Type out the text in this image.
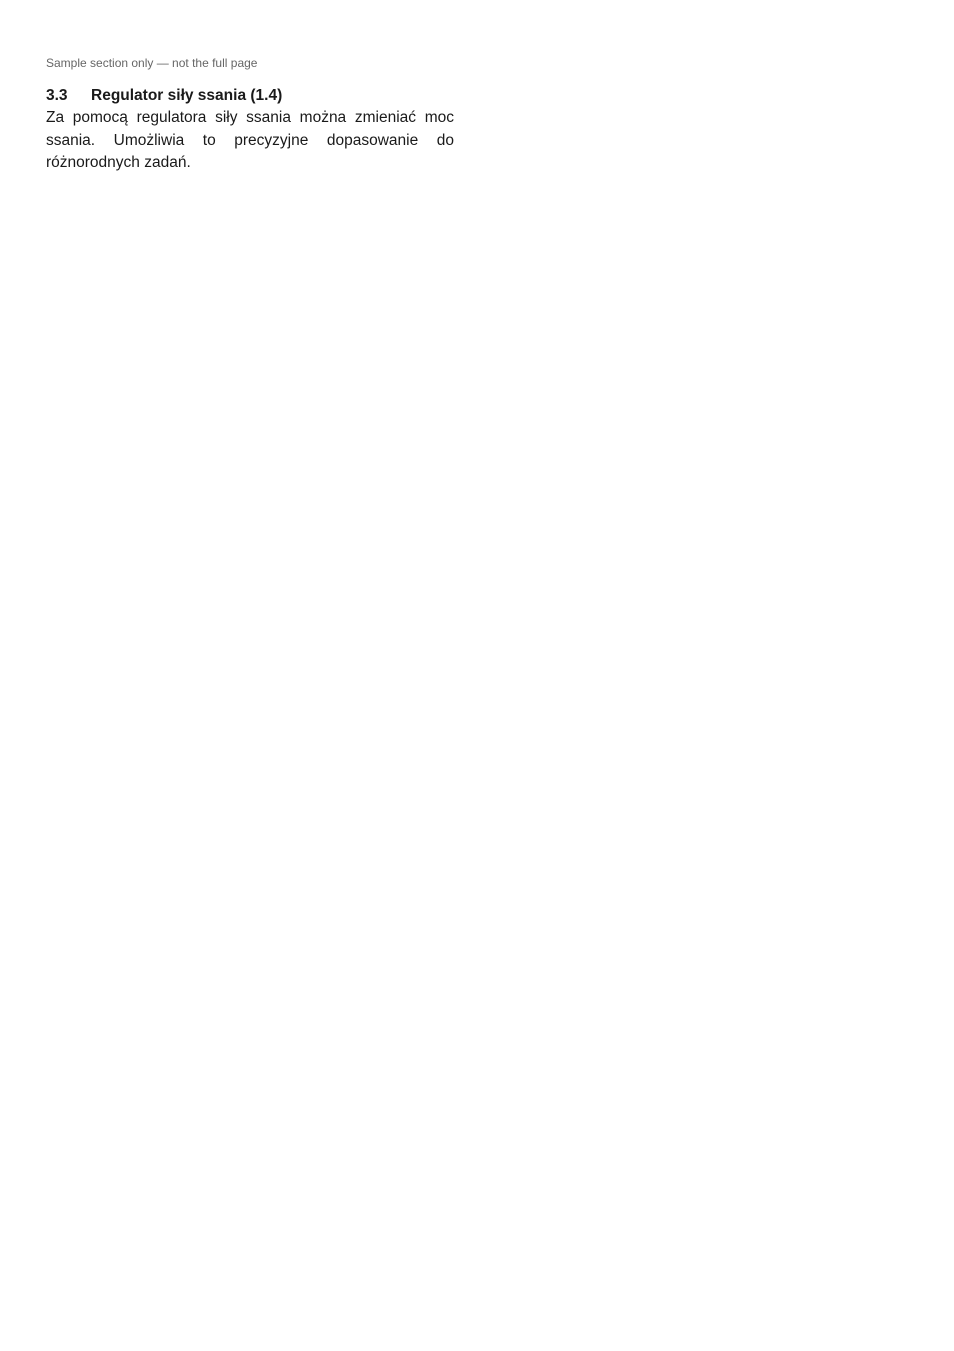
Sample section only — not the full page
3.3	Regulator siły ssania (1.4)

Za pomocą regulatora siły ssania można zmieniać moc ssania. Umożliwia to precyzyjne dopasowanie do różnorodnych zadań.
